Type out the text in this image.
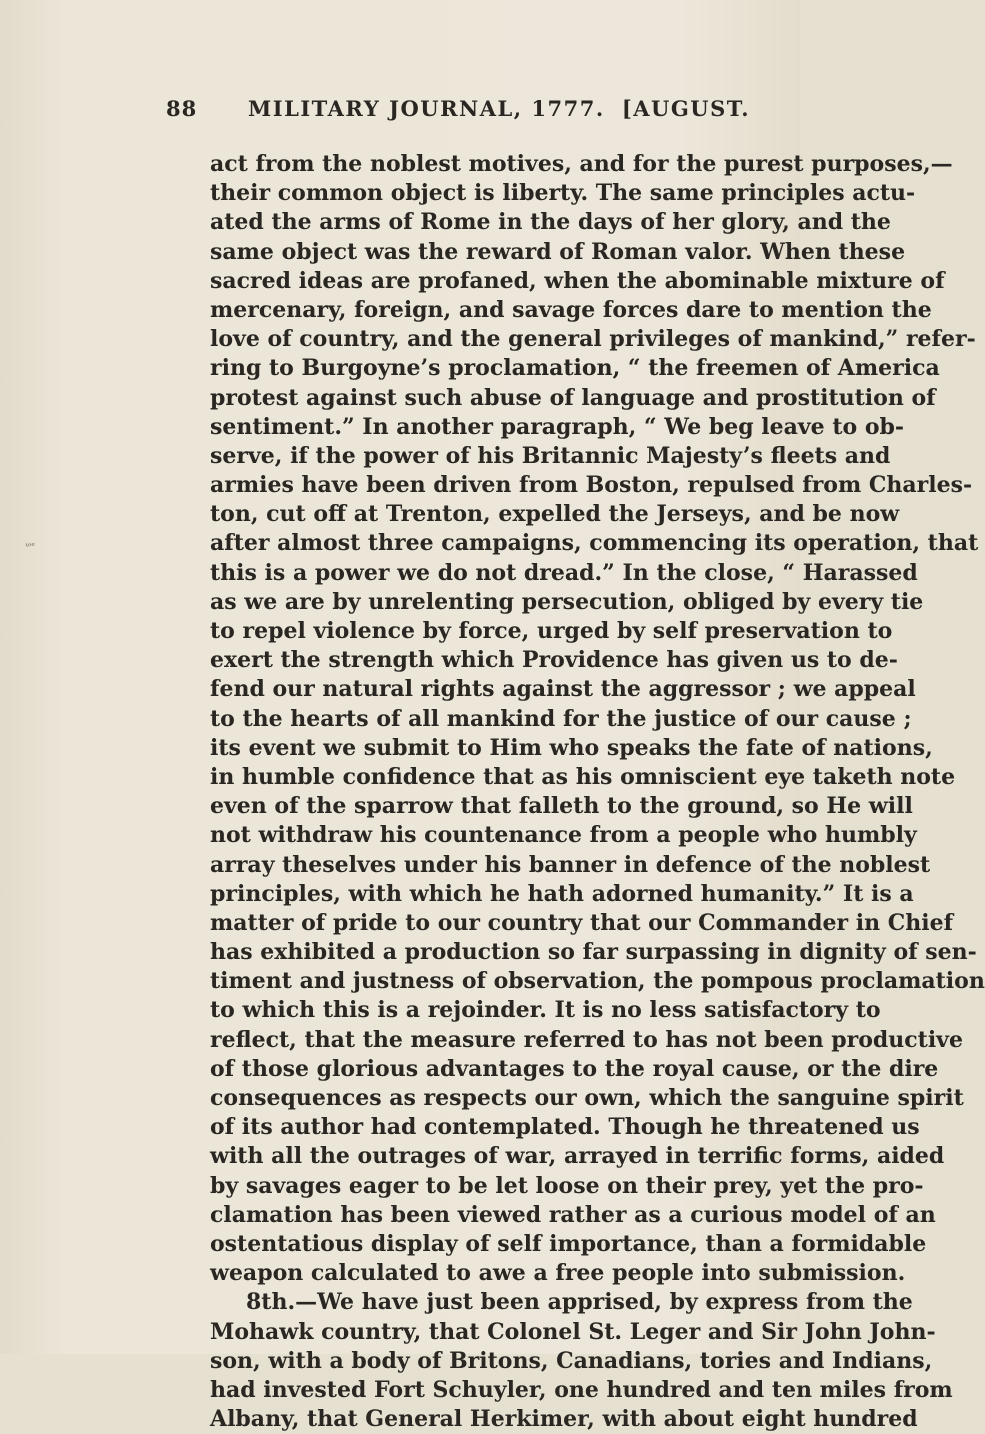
88 MILITARY JOURNAL, 1777. [AUGUST.
ᵗᵒᵉ
act from the noblest motives, and for the purest purposes,—
their common object is liberty. The same principles actu-
ated the arms of Rome in the days of her glory, and the
same object was the reward of Roman valor. When these
sacred ideas are profaned, when the abominable mixture of
mercenary, foreign, and savage forces dare to mention the
love of country, and the general privileges of mankind,” refer-
ring to Burgoyne’s proclamation, “ the freemen of America
protest against such abuse of language and prostitution of
sentiment.” In another paragraph, “ We beg leave to ob-
serve, if the power of his Britannic Majesty’s fleets and
armies have been driven from Boston, repulsed from Charles-
ton, cut off at Trenton, expelled the Jerseys, and be now
after almost three campaigns, commencing its operation, that
this is a power we do not dread.” In the close, “ Harassed
as we are by unrelenting persecution, obliged by every tie
to repel violence by force, urged by self preservation to
exert the strength which Providence has given us to de-
fend our natural rights against the aggressor ; we appeal
to the hearts of all mankind for the justice of our cause ;
its event we submit to Him who speaks the fate of nations,
in humble confidence that as his omniscient eye taketh note
even of the sparrow that falleth to the ground, so He will
not withdraw his countenance from a people who humbly
array theselves under his banner in defence of the noblest
principles, with which he hath adorned humanity.” It is a
matter of pride to our country that our Commander in Chief
has exhibited a production so far surpassing in dignity of sen-
timent and justness of observation, the pompous proclamation
to which this is a rejoinder. It is no less satisfactory to
reflect, that the measure referred to has not been productive
of those glorious advantages to the royal cause, or the dire
consequences as respects our own, which the sanguine spirit
of its author had contemplated. Though he threatened us
with all the outrages of war, arrayed in terrific forms, aided
by savages eager to be let loose on their prey, yet the pro-
clamation has been viewed rather as a curious model of an
ostentatious display of self importance, than a formidable
weapon calculated to awe a free people into submission.
8th.—We have just been apprised, by express from the
Mohawk country, that Colonel St. Leger and Sir John John-
son, with a body of Britons, Canadians, tories and Indians,
had invested Fort Schuyler, one hundred and ten miles from
Albany, that General Herkimer, with about eight hundred
